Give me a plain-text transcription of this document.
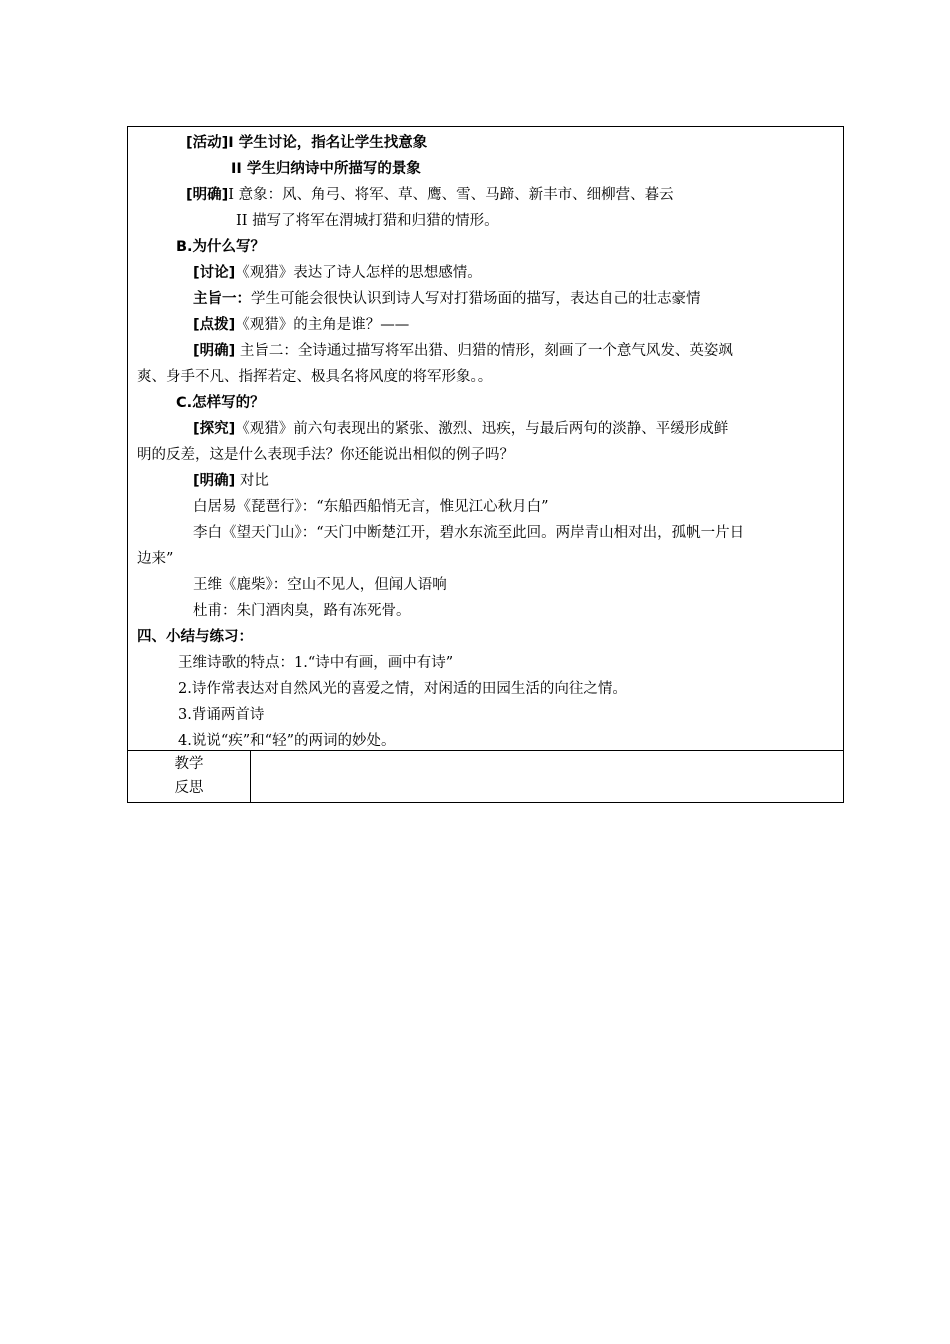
[活动]I 学生讨论，指名让学生找意象
II 学生归纳诗中所描写的景象
[明确]I 意象：风、角弓、将军、草、鹰、雪、马蹄、新丰市、细柳营、暮云
II 描写了将军在渭城打猎和归猎的情形。
B.为什么写？
[讨论]《观猎》表达了诗人怎样的思想感情。
主旨一：学生可能会很快认识到诗人写对打猎场面的描写，表达自己的壮志豪情
[点拨]《观猎》的主角是谁？——
[明确] 主旨二：全诗通过描写将军出猎、归猎的情形，刻画了一个意气风发、英姿飒
爽、身手不凡、指挥若定、极具名将风度的将军形象。。
C.怎样写的？
[探究]《观猎》前六句表现出的紧张、激烈、迅疾，与最后两句的淡静、平缓形成鲜
明的反差，这是什么表现手法？你还能说出相似的例子吗？
[明确] 对比
白居易《琵琶行》：“东船西船悄无言，惟见江心秋月白”
李白《望天门山》：“天门中断楚江开，碧水东流至此回。两岸青山相对出，孤帆一片日
边来”
王维《鹿柴》：空山不见人，但闻人语响
杜甫：朱门酒肉臭，路有冻死骨。
四、小结与练习：
王维诗歌的特点：1.“诗中有画，画中有诗”
2.诗作常表达对自然风光的喜爱之情，对闲适的田园生活的向往之情。
3.背诵两首诗
4.说说“疾”和“轻”的两词的妙处。
教学
反思
